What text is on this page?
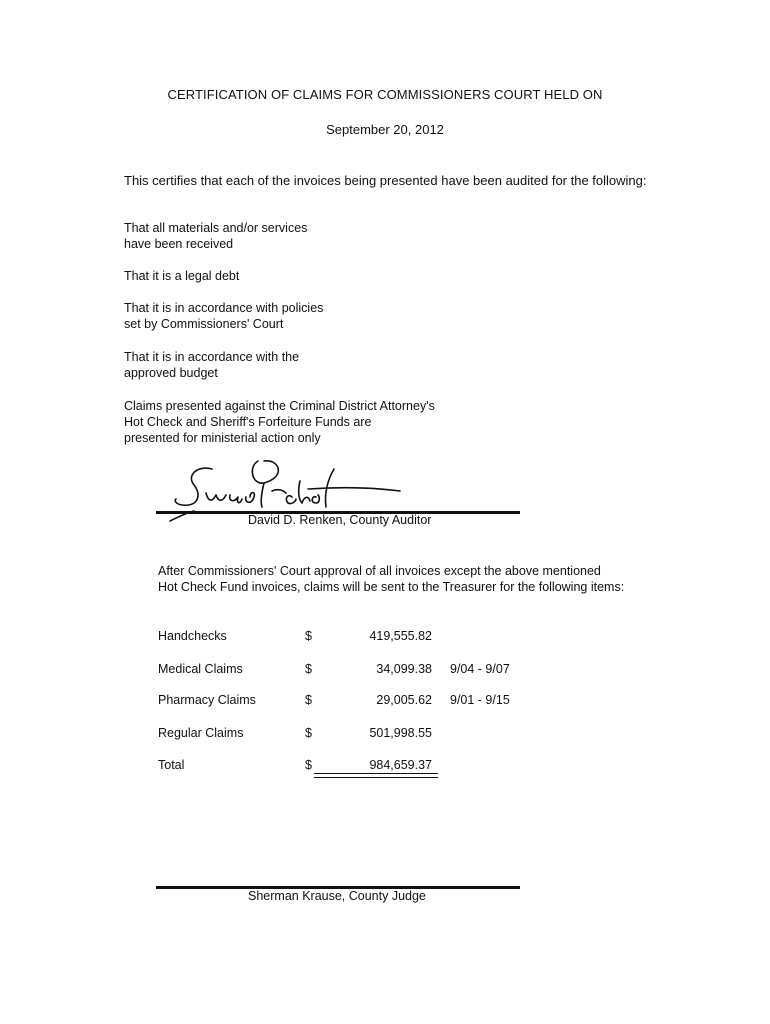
CERTIFICATION OF CLAIMS FOR COMMISSIONERS COURT HELD ON
September 20, 2012
This certifies that each of the invoices being presented have been audited for the following:
That all materials and/or services
have been received
That it is a legal debt
That it is in accordance with policies
set by Commissioners' Court
That it is in accordance with the
approved budget
Claims presented against the Criminal District Attorney's
Hot Check and Sheriff's Forfeiture Funds are
presented for ministerial action only
David D. Renken, County Auditor
After Commissioners' Court approval of all invoices except the above mentioned
Hot Check Fund invoices, claims will be sent to the Treasurer for the following items:
Handchecks	$	419,555.82
Medical Claims	$	34,099.38 9/04 - 9/07
Pharmacy Claims	$	29,005.62 9/01 - 9/15
Regular Claims	$	501,998.55
Total	$	984,659.37
Sherman Krause, County Judge
